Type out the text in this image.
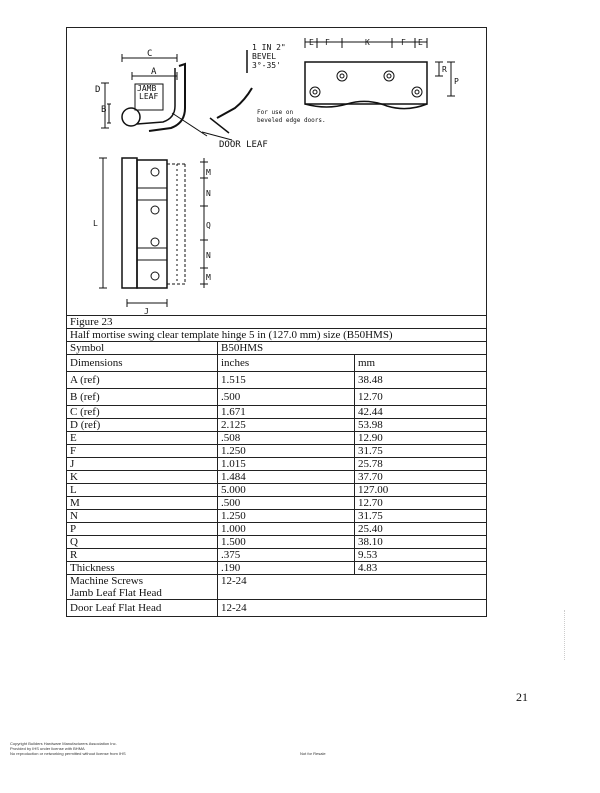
C
A
D
B
JAMB
LEAF
1 IN 2"
BEVEL
3°-35'
For use on
beveled edge doors.
DOOR LEAF
E F	K	F E
R
P
M
N
Q
N
M
L
J
Figure 23		
Half mortise swing clear template hinge 5 in (127.0 mm) size (B50HMS)		
Symbol	B50HMS	
Dimensions	inches	mm
A (ref)	1.515	38.48
B (ref)	.500	12.70
C (ref)	1.671	42.44
D (ref)	2.125	53.98
E	.508	12.90
F	1.250	31.75
J	1.015	25.78
K	1.484	37.70
L	5.000	127.00
M	.500	12.70
N	1.250	31.75
P	1.000	25.40
Q	1.500	38.10
R	.375	9.53
Thickness	.190	4.83
Machine Screws
Jamb Leaf Flat Head	12-24	
Door Leaf Flat Head	12-24	
21
Copyright Builders Hardware Manufacturers Association Inc.
Provided by IHS under license with BHMA
No reproduction or networking permitted without license from IHS	Not for Resale
